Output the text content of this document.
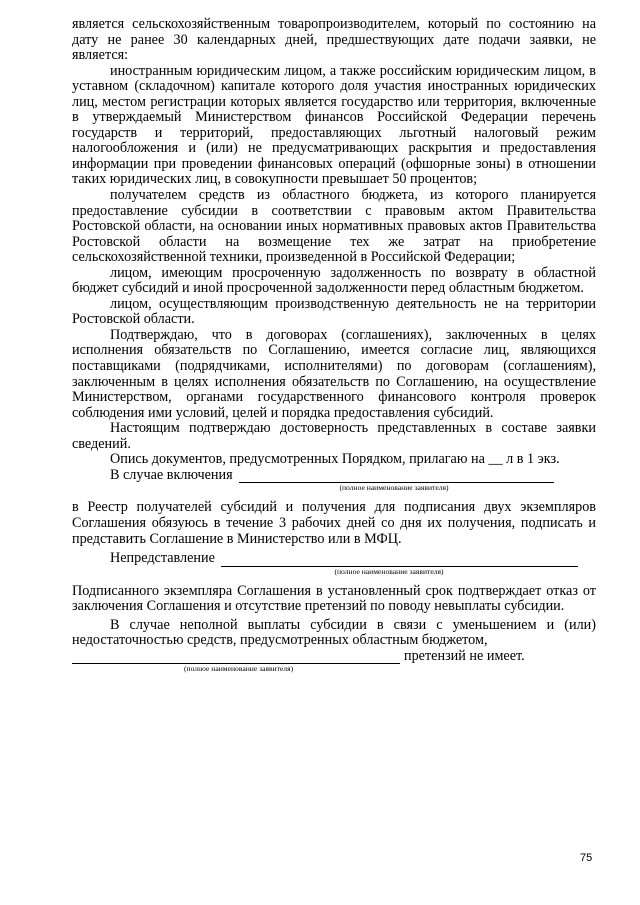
является сельскохозяйственным товаропроизводителем, который по состоянию на дату не ранее 30 календарных дней, предшествующих дате подачи заявки, не является:

иностранным юридическим лицом, а также российским юридическим лицом, в уставном (складочном) капитале которого доля участия иностранных юридических лиц, местом регистрации которых является государство или территория, включенные в утверждаемый Министерством финансов Российской Федерации перечень государств и территорий, предоставляющих льготный налоговый режим налогообложения и (или) не предусматривающих раскрытия и предоставления информации при проведении финансовых операций (офшорные зоны) в отношении таких юридических лиц, в совокупности превышает 50 процентов;

получателем средств из областного бюджета, из которого планируется предоставление субсидии в соответствии с правовым актом Правительства Ростовской области, на основании иных нормативных правовых актов Правительства Ростовской области на возмещение тех же затрат на приобретение сельскохозяйственной техники, произведенной в Российской Федерации;

лицом, имеющим просроченную задолженность по возврату в областной бюджет субсидий и иной просроченной задолженности перед областным бюджетом.

лицом, осуществляющим производственную деятельность не на территории Ростовской области.

Подтверждаю, что в договорах (соглашениях), заключенных в целях исполнения обязательств по Соглашению, имеется согласие лиц, являющихся поставщиками (подрядчиками, исполнителями) по договорам (соглашениям), заключенным в целях исполнения обязательств по Соглашению, на осуществление Министерством, органами государственного финансового контроля проверок соблюдения ими условий, целей и порядка предоставления субсидий.

Настоящим подтверждаю достоверность представленных в составе заявки сведений.

Опись документов, предусмотренных Порядком, прилагаю на __ л в 1 экз.

В случае включения

(полное наименование заявителя)

в Реестр получателей субсидий и получения для подписания двух экземпляров Соглашения обязуюсь в течение 3 рабочих дней со дня их получения, подписать и представить Соглашение в Министерство или в МФЦ.

Непредставление

(полное наименование заявителя)

Подписанного экземпляра Соглашения в установленный срок подтверждает отказ от заключения Соглашения и отсутствие претензий по поводу невыплаты субсидии.

В случае неполной выплаты субсидии в связи с уменьшением и (или) недостаточностью средств, предусмотренных областным бюджетом,

претензий не имеет.

(полное наименование заявителя)

75
